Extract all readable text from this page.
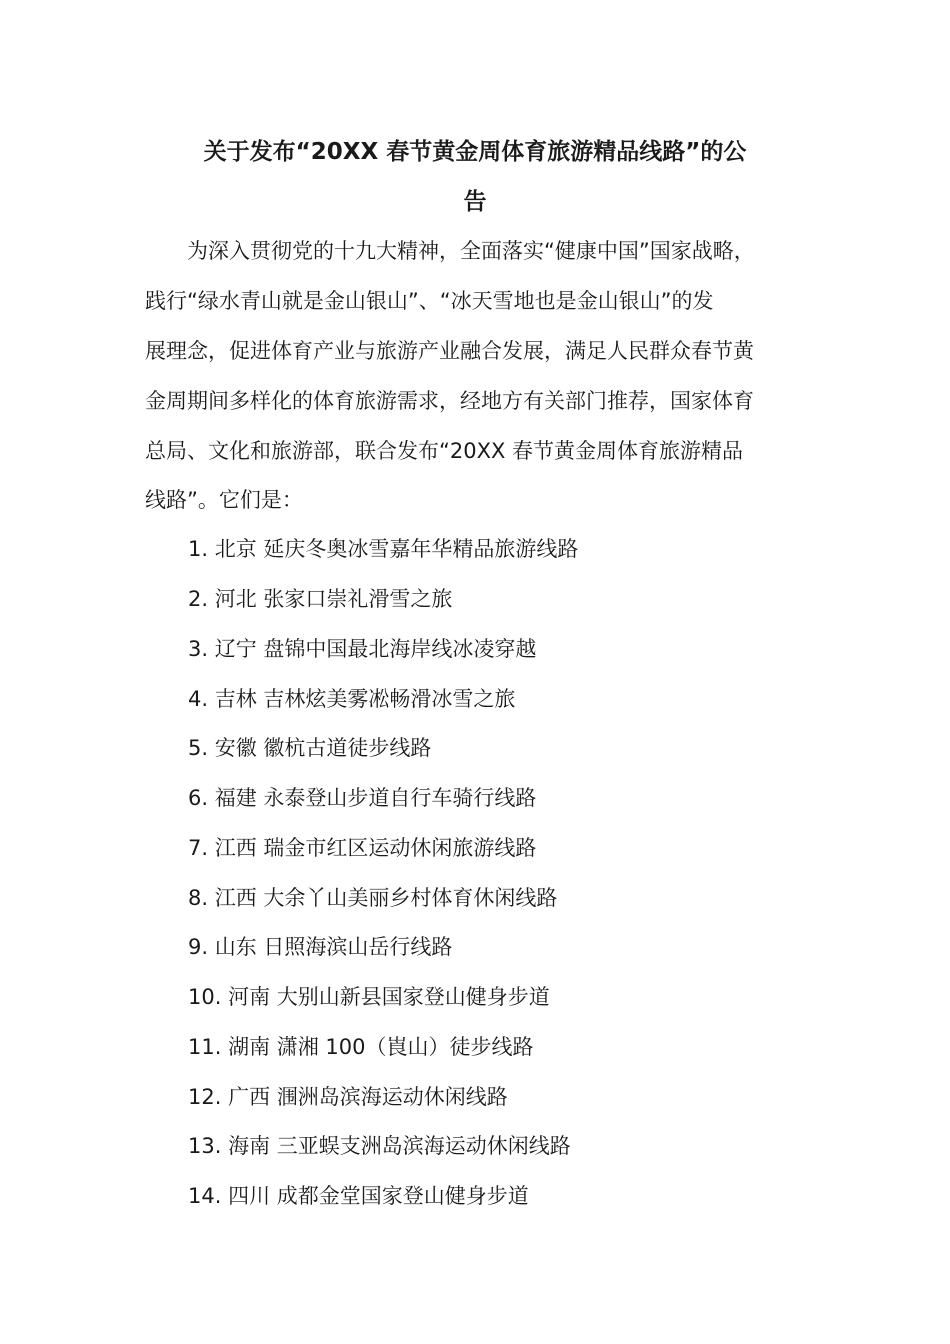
关于发布“20XX 春节黄金周体育旅游精品线路”的公
告

为深入贯彻党的十九大精神，全面落实“健康中国”国家战略，

践行“绿水青山就是金山银山”、“冰天雪地也是金山银山”的发

展理念，促进体育产业与旅游产业融合发展，满足人民群众春节黄

金周期间多样化的体育旅游需求，经地方有关部门推荐，国家体育

总局、文化和旅游部，联合发布“20XX 春节黄金周体育旅游精品

线路”。它们是：

1. 北京 延庆冬奥冰雪嘉年华精品旅游线路

2. 河北 张家口崇礼滑雪之旅

3. 辽宁 盘锦中国最北海岸线冰凌穿越

4. 吉林 吉林炫美雾凇畅滑冰雪之旅

5. 安徽 徽杭古道徒步线路

6. 福建 永泰登山步道自行车骑行线路

7. 江西 瑞金市红区运动休闲旅游线路

8. 江西 大余丫山美丽乡村体育休闲线路

9. 山东 日照海滨山岳行线路

10. 河南 大别山新县国家登山健身步道

11. 湖南 潇湘 100（崀山）徒步线路

12. 广西 涠洲岛滨海运动休闲线路

13. 海南 三亚蜈支洲岛滨海运动休闲线路

14. 四川 成都金堂国家登山健身步道
